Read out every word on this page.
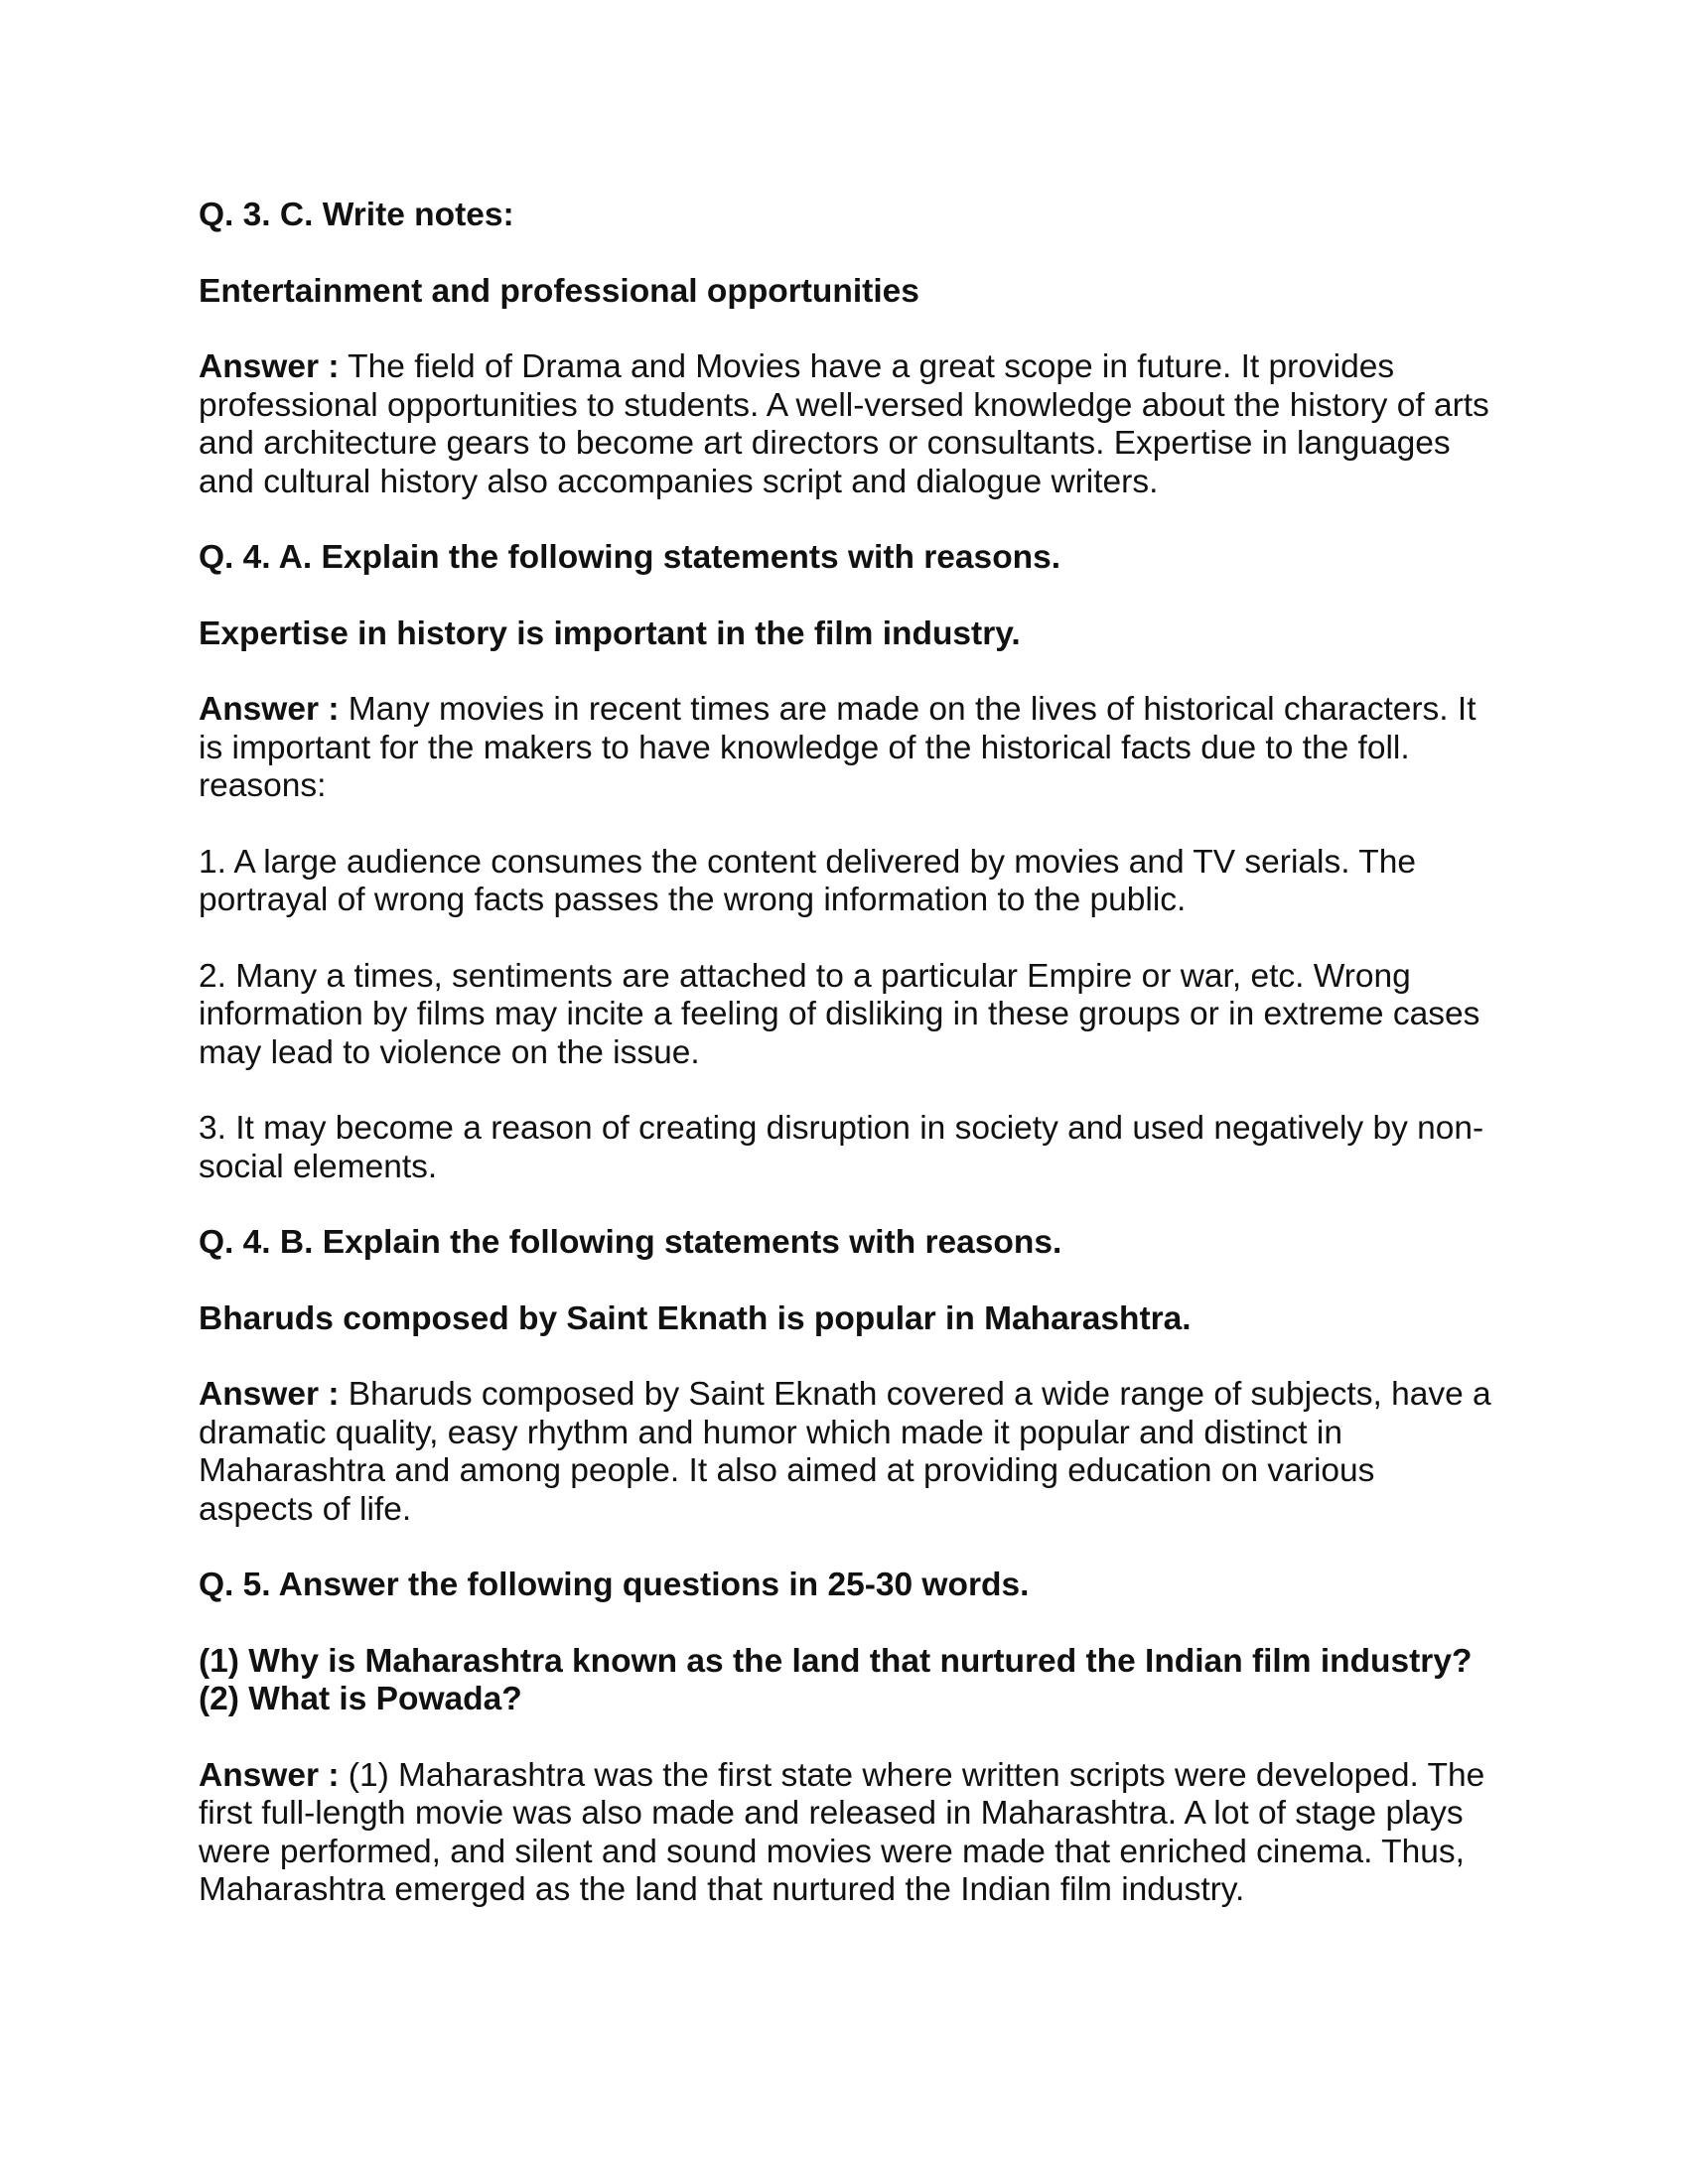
Q. 3. C. Write notes:
Entertainment and professional opportunities
Answer : The field of Drama and Movies have a great scope in future. It provides
professional opportunities to students. A well-versed knowledge about the history of arts
and architecture gears to become art directors or consultants. Expertise in languages
and cultural history also accompanies script and dialogue writers.
Q. 4. A. Explain the following statements with reasons.
Expertise in history is important in the film industry.
Answer : Many movies in recent times are made on the lives of historical characters. It
is important for the makers to have knowledge of the historical facts due to the foll.
reasons:
1. A large audience consumes the content delivered by movies and TV serials. The
portrayal of wrong facts passes the wrong information to the public.
2. Many a times, sentiments are attached to a particular Empire or war, etc. Wrong
information by films may incite a feeling of disliking in these groups or in extreme cases
may lead to violence on the issue.
3. It may become a reason of creating disruption in society and used negatively by non-
social elements.
Q. 4. B. Explain the following statements with reasons.
Bharuds composed by Saint Eknath is popular in Maharashtra.
Answer : Bharuds composed by Saint Eknath covered a wide range of subjects, have a
dramatic quality, easy rhythm and humor which made it popular and distinct in
Maharashtra and among people. It also aimed at providing education on various
aspects of life.
Q. 5. Answer the following questions in 25-30 words.
(1) Why is Maharashtra known as the land that nurtured the Indian film industry?
(2) What is Powada?
Answer : (1) Maharashtra was the first state where written scripts were developed. The
first full-length movie was also made and released in Maharashtra. A lot of stage plays
were performed, and silent and sound movies were made that enriched cinema. Thus,
Maharashtra emerged as the land that nurtured the Indian film industry.
